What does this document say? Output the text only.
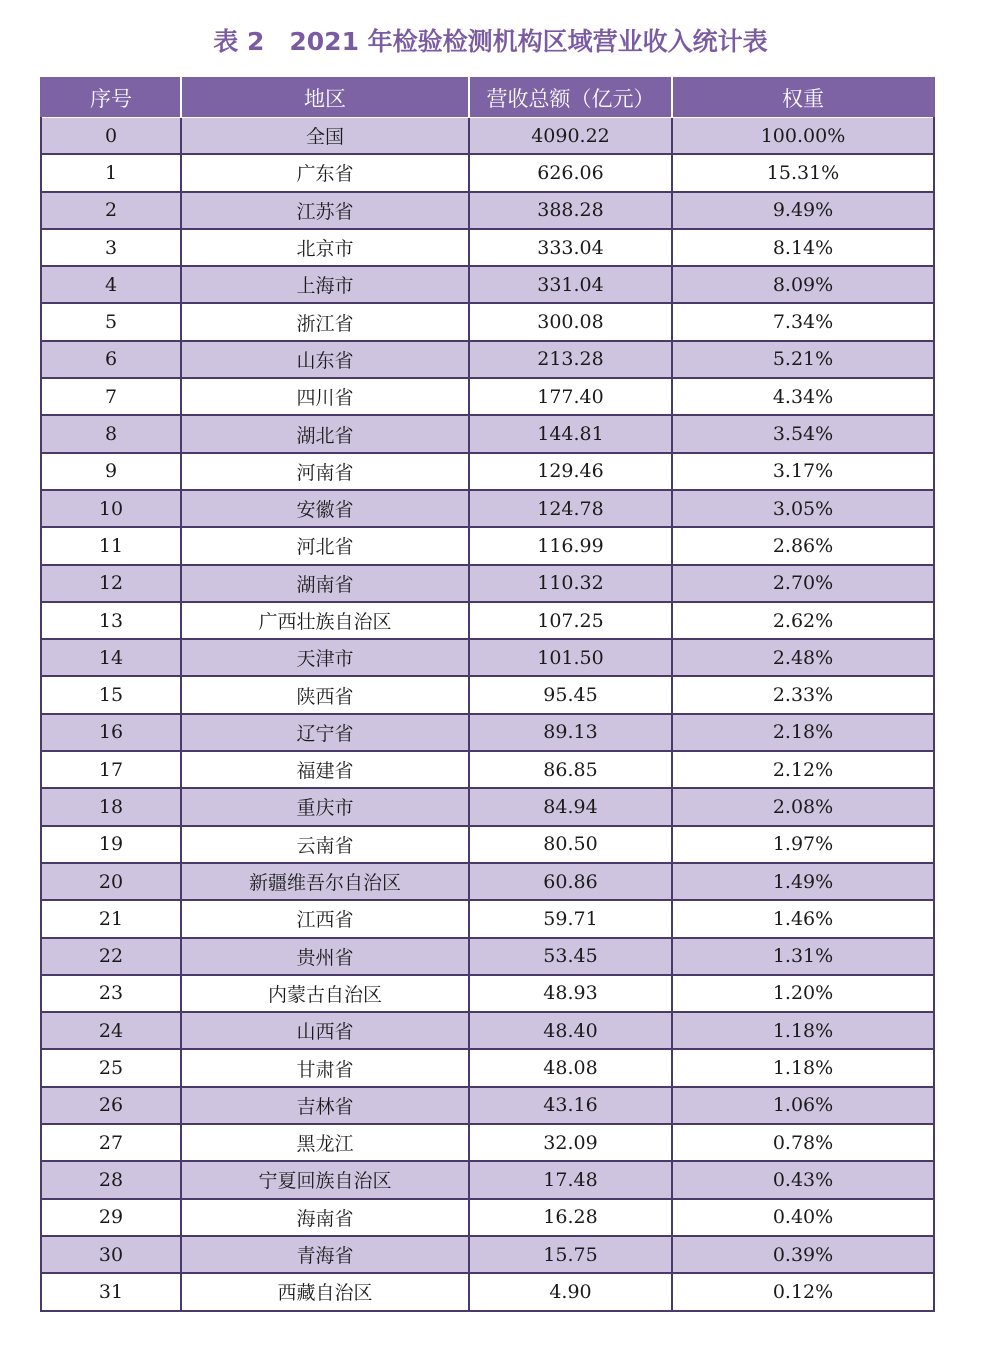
表 2　2021 年检验检测机构区域营业收入统计表
序号	地区	营收总额（亿元）	权重
0	全国	4090.22	100.00%
1	广东省	626.06	15.31%
2	江苏省	388.28	9.49%
3	北京市	333.04	8.14%
4	上海市	331.04	8.09%
5	浙江省	300.08	7.34%
6	山东省	213.28	5.21%
7	四川省	177.40	4.34%
8	湖北省	144.81	3.54%
9	河南省	129.46	3.17%
10	安徽省	124.78	3.05%
11	河北省	116.99	2.86%
12	湖南省	110.32	2.70%
13	广西壮族自治区	107.25	2.62%
14	天津市	101.50	2.48%
15	陕西省	95.45	2.33%
16	辽宁省	89.13	2.18%
17	福建省	86.85	2.12%
18	重庆市	84.94	2.08%
19	云南省	80.50	1.97%
20	新疆维吾尔自治区	60.86	1.49%
21	江西省	59.71	1.46%
22	贵州省	53.45	1.31%
23	内蒙古自治区	48.93	1.20%
24	山西省	48.40	1.18%
25	甘肃省	48.08	1.18%
26	吉林省	43.16	1.06%
27	黑龙江	32.09	0.78%
28	宁夏回族自治区	17.48	0.43%
29	海南省	16.28	0.40%
30	青海省	15.75	0.39%
31	西藏自治区	4.90	0.12%
